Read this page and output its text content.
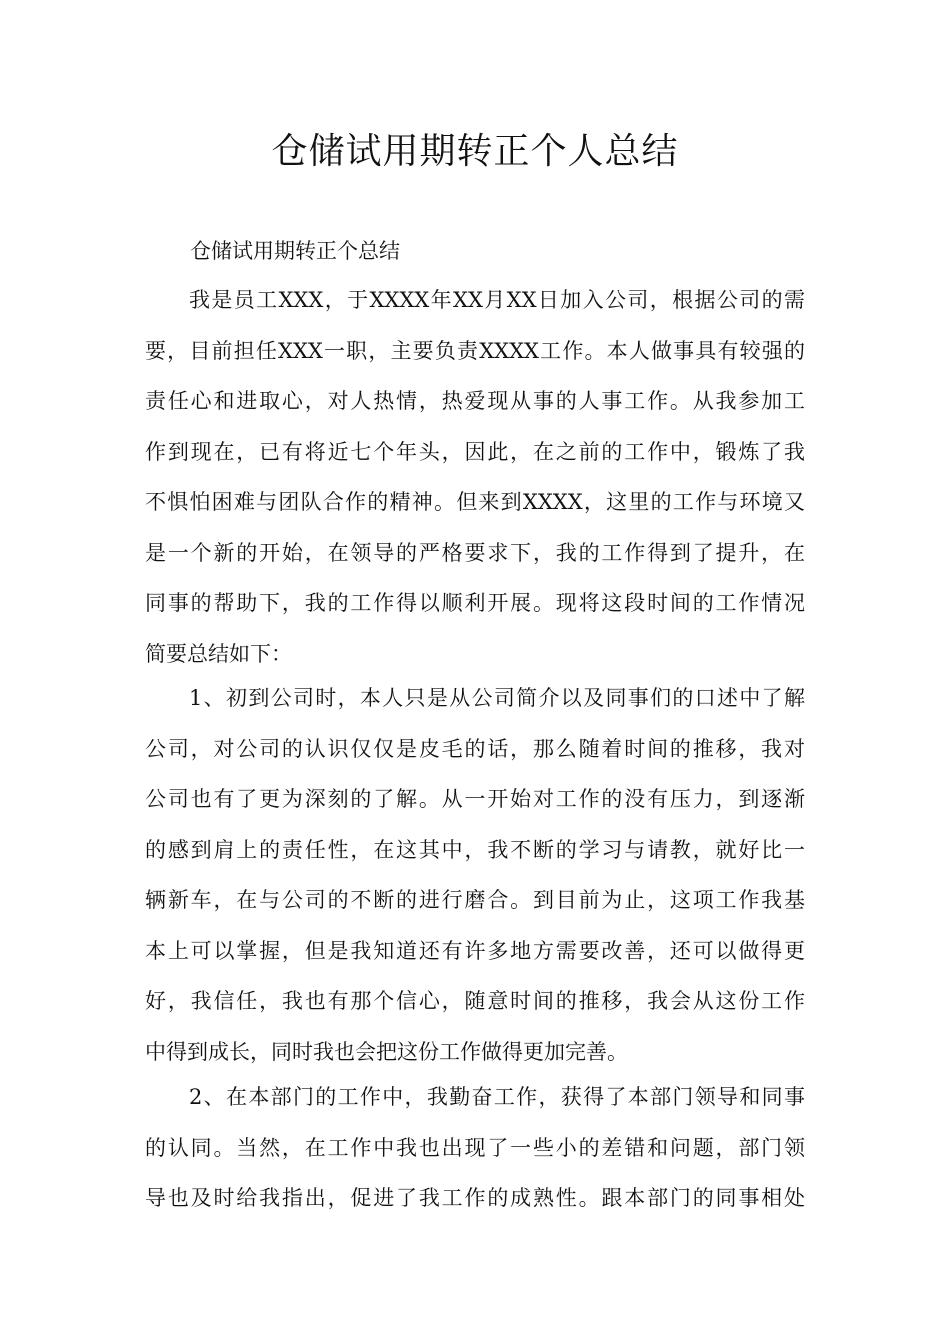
仓储试用期转正个人总结
仓储试用期转正个总结
我是员工XXX，于XXXX年XX月XX日加入公司，根据公司的需
要，目前担任XXX一职，主要负责XXXX工作。本人做事具有较强的
责任心和进取心，对人热情，热爱现从事的人事工作。从我参加工
作到现在，已有将近七个年头，因此，在之前的工作中，锻炼了我
不惧怕困难与团队合作的精神。但来到XXXX，这里的工作与环境又
是一个新的开始，在领导的严格要求下，我的工作得到了提升，在
同事的帮助下，我的工作得以顺利开展。现将这段时间的工作情况
简要总结如下：
1、初到公司时，本人只是从公司简介以及同事们的口述中了解
公司，对公司的认识仅仅是皮毛的话，那么随着时间的推移，我对
公司也有了更为深刻的了解。从一开始对工作的没有压力，到逐渐
的感到肩上的责任性，在这其中，我不断的学习与请教，就好比一
辆新车，在与公司的不断的进行磨合。到目前为止，这项工作我基
本上可以掌握，但是我知道还有许多地方需要改善，还可以做得更
好，我信任，我也有那个信心，随意时间的推移，我会从这份工作
中得到成长，同时我也会把这份工作做得更加完善。
2、在本部门的工作中，我勤奋工作，获得了本部门领导和同事
的认同。当然，在工作中我也出现了一些小的差错和问题，部门领
导也及时给我指出，促进了我工作的成熟性。跟本部门的同事相处
